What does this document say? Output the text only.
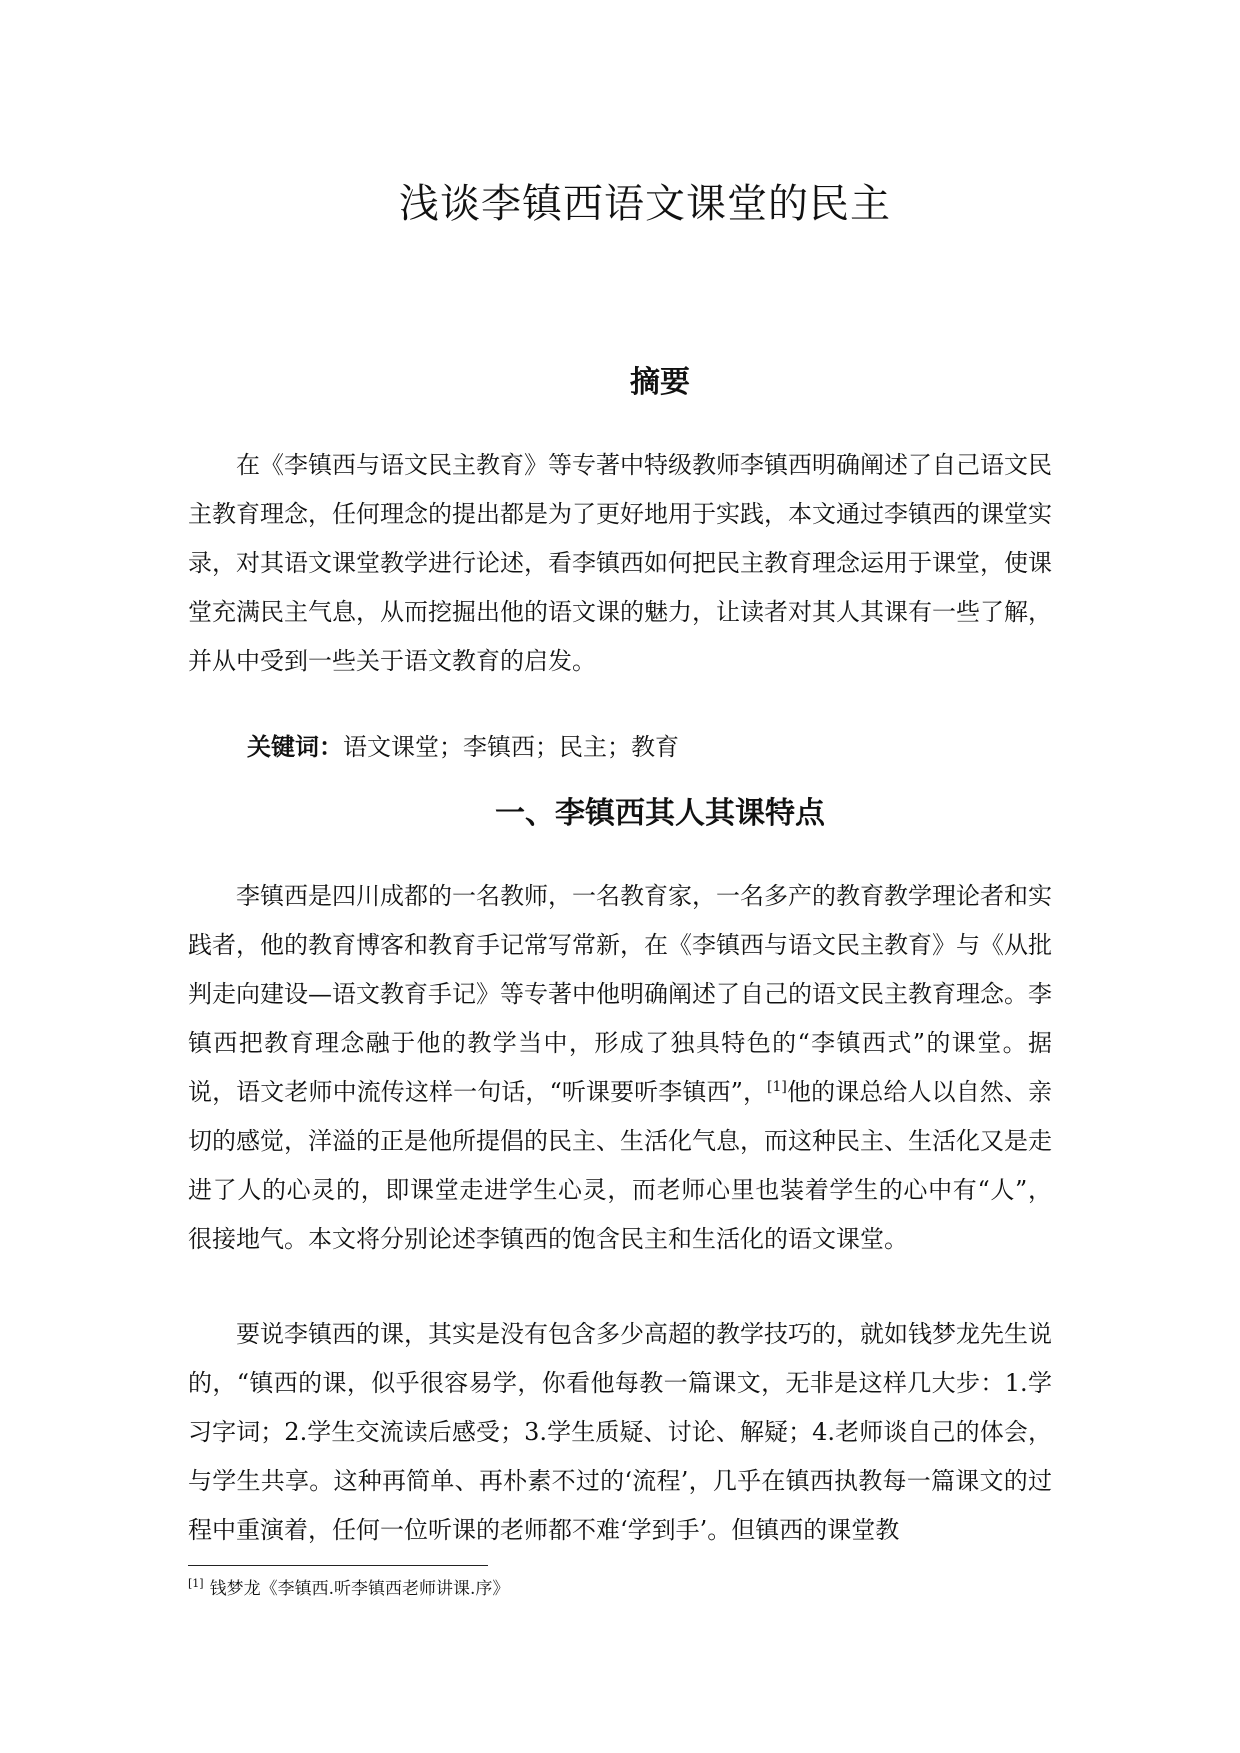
浅谈李镇西语文课堂的民主
摘要

在《李镇西与语文民主教育》等专著中特级教师李镇西明确阐述了自己语文民主教育理念，任何理念的提出都是为了更好地用于实践，本文通过李镇西的课堂实录，对其语文课堂教学进行论述，看李镇西如何把民主教育理念运用于课堂，使课堂充满民主气息，从而挖掘出他的语文课的魅力，让读者对其人其课有一些了解，并从中受到一些关于语文教育的启发。

关键词：语文课堂；李镇西；民主；教育
一、李镇西其人其课特点

李镇西是四川成都的一名教师，一名教育家，一名多产的教育教学理论者和实践者，他的教育博客和教育手记常写常新，在《李镇西与语文民主教育》与《从批判走向建设—语文教育手记》等专著中他明确阐述了自己的语文民主教育理念。李镇西把教育理念融于他的教学当中，形成了独具特色的“李镇西式”的课堂。据说，语文老师中流传这样一句话，“听课要听李镇西”，[1]他的课总给人以自然、亲切的感觉，洋溢的正是他所提倡的民主、生活化气息，而这种民主、生活化又是走进了人的心灵的，即课堂走进学生心灵，而老师心里也装着学生的心中有“人”，很接地气。本文将分别论述李镇西的饱含民主和生活化的语文课堂。

要说李镇西的课，其实是没有包含多少高超的教学技巧的，就如钱梦龙先生说的，“镇西的课，似乎很容易学，你看他每教一篇课文，无非是这样几大步：1.学习字词；2.学生交流读后感受；3.学生质疑、讨论、解疑；4.老师谈自己的体会，与学生共享。这种再简单、再朴素不过的‘流程’，几乎在镇西执教每一篇课文的过程中重演着，任何一位听课的老师都不难‘学到手’。但镇西的课堂教

[1] 钱梦龙《李镇西.听李镇西老师讲课.序》
